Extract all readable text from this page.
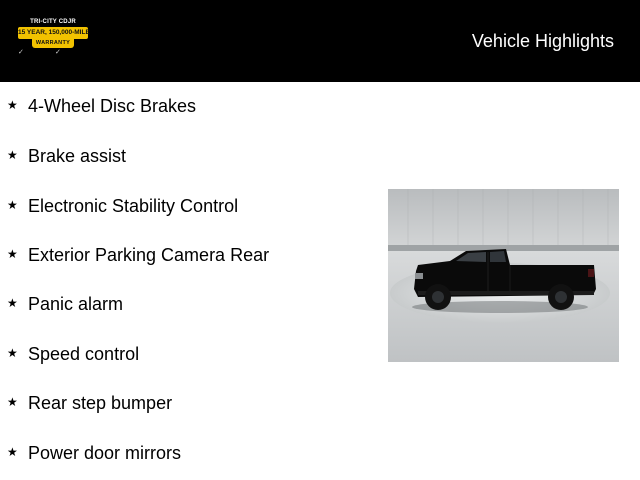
TRI-CITY CDJR
15 YEAR, 150,000-MILE
WARRANTY
✓	✓
Vehicle Highlights
★ 4-Wheel Disc Brakes
★ Brake assist
★ Electronic Stability Control
★ Exterior Parking Camera Rear
★ Panic alarm
★ Speed control
★ Rear step bumper
★ Power door mirrors
